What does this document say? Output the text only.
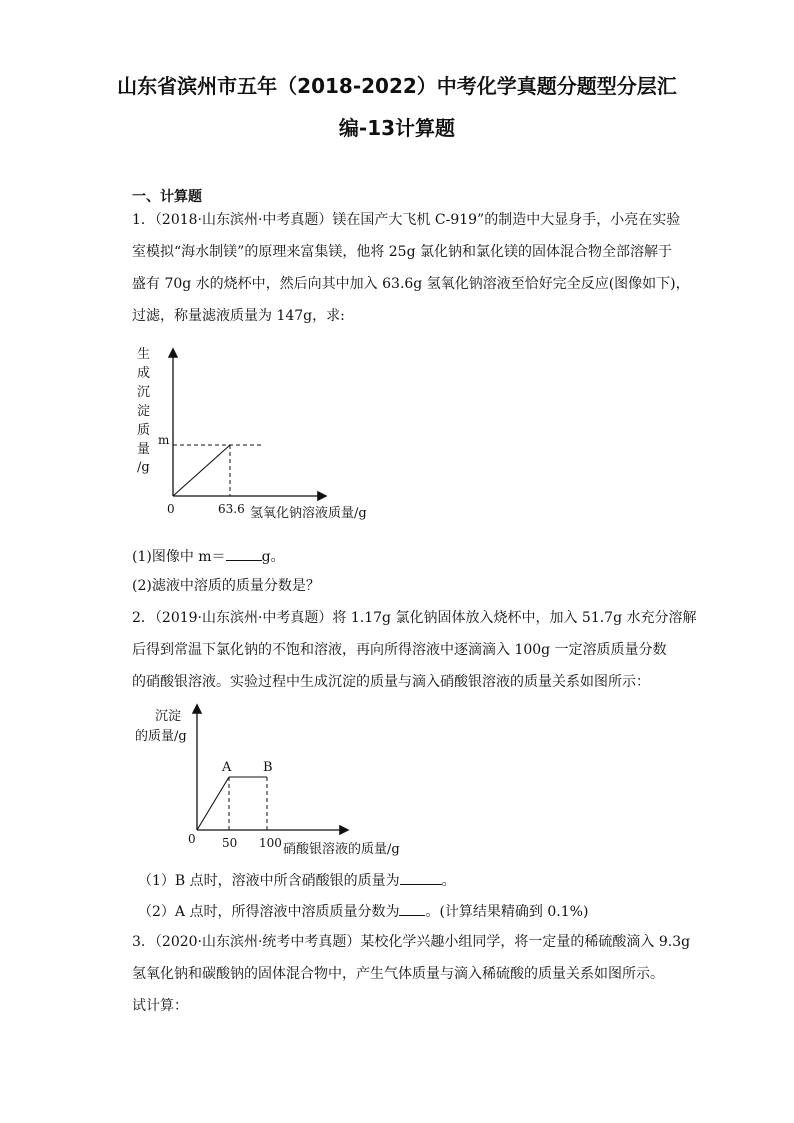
山东省滨州市五年（2018-2022）中考化学真题分题型分层汇
编-13计算题
一、计算题
1．（2018·山东滨州·中考真题）镁在国产大飞机 C-919”的制造中大显身手，小亮在实验
室模拟“海水制镁”的原理来富集镁，他将 25g 氯化钠和氯化镁的固体混合物全部溶解于
盛有 70g 水的烧杯中，然后向其中加入 63.6g 氢氧化钠溶液至恰好完全反应(图像如下)，
过滤，称量滤液质量为 147g，求:
生
成
沉
淀
质
量
/g
m
0	63.6 氢氧化钠溶液质量/g
(1)图像中 m＝	g。
(2)滤液中溶质的质量分数是？
2．（2019·山东滨州·中考真题）将 1.17g 氯化钠固体放入烧杯中，加入 51.7g 水充分溶解
后得到常温下氯化钠的不饱和溶液，再向所得溶液中逐滴滴入 100g 一定溶质质量分数
的硝酸银溶液。实验过程中生成沉淀的质量与滴入硝酸银溶液的质量关系如图所示：
沉淀
的质量/g
A B
0 50 100 硝酸银溶液的质量/g
（1）B 点时，溶液中所含硝酸银的质量为	。
（2）A 点时，所得溶液中溶质质量分数为 。(计算结果精确到 0.1%)
3．（2020·山东滨州·统考中考真题）某校化学兴趣小组同学，将一定量的稀硫酸滴入 9.3g
氢氧化钠和碳酸钠的固体混合物中，产生气体质量与滴入稀硫酸的质量关系如图所示。
试计算：
